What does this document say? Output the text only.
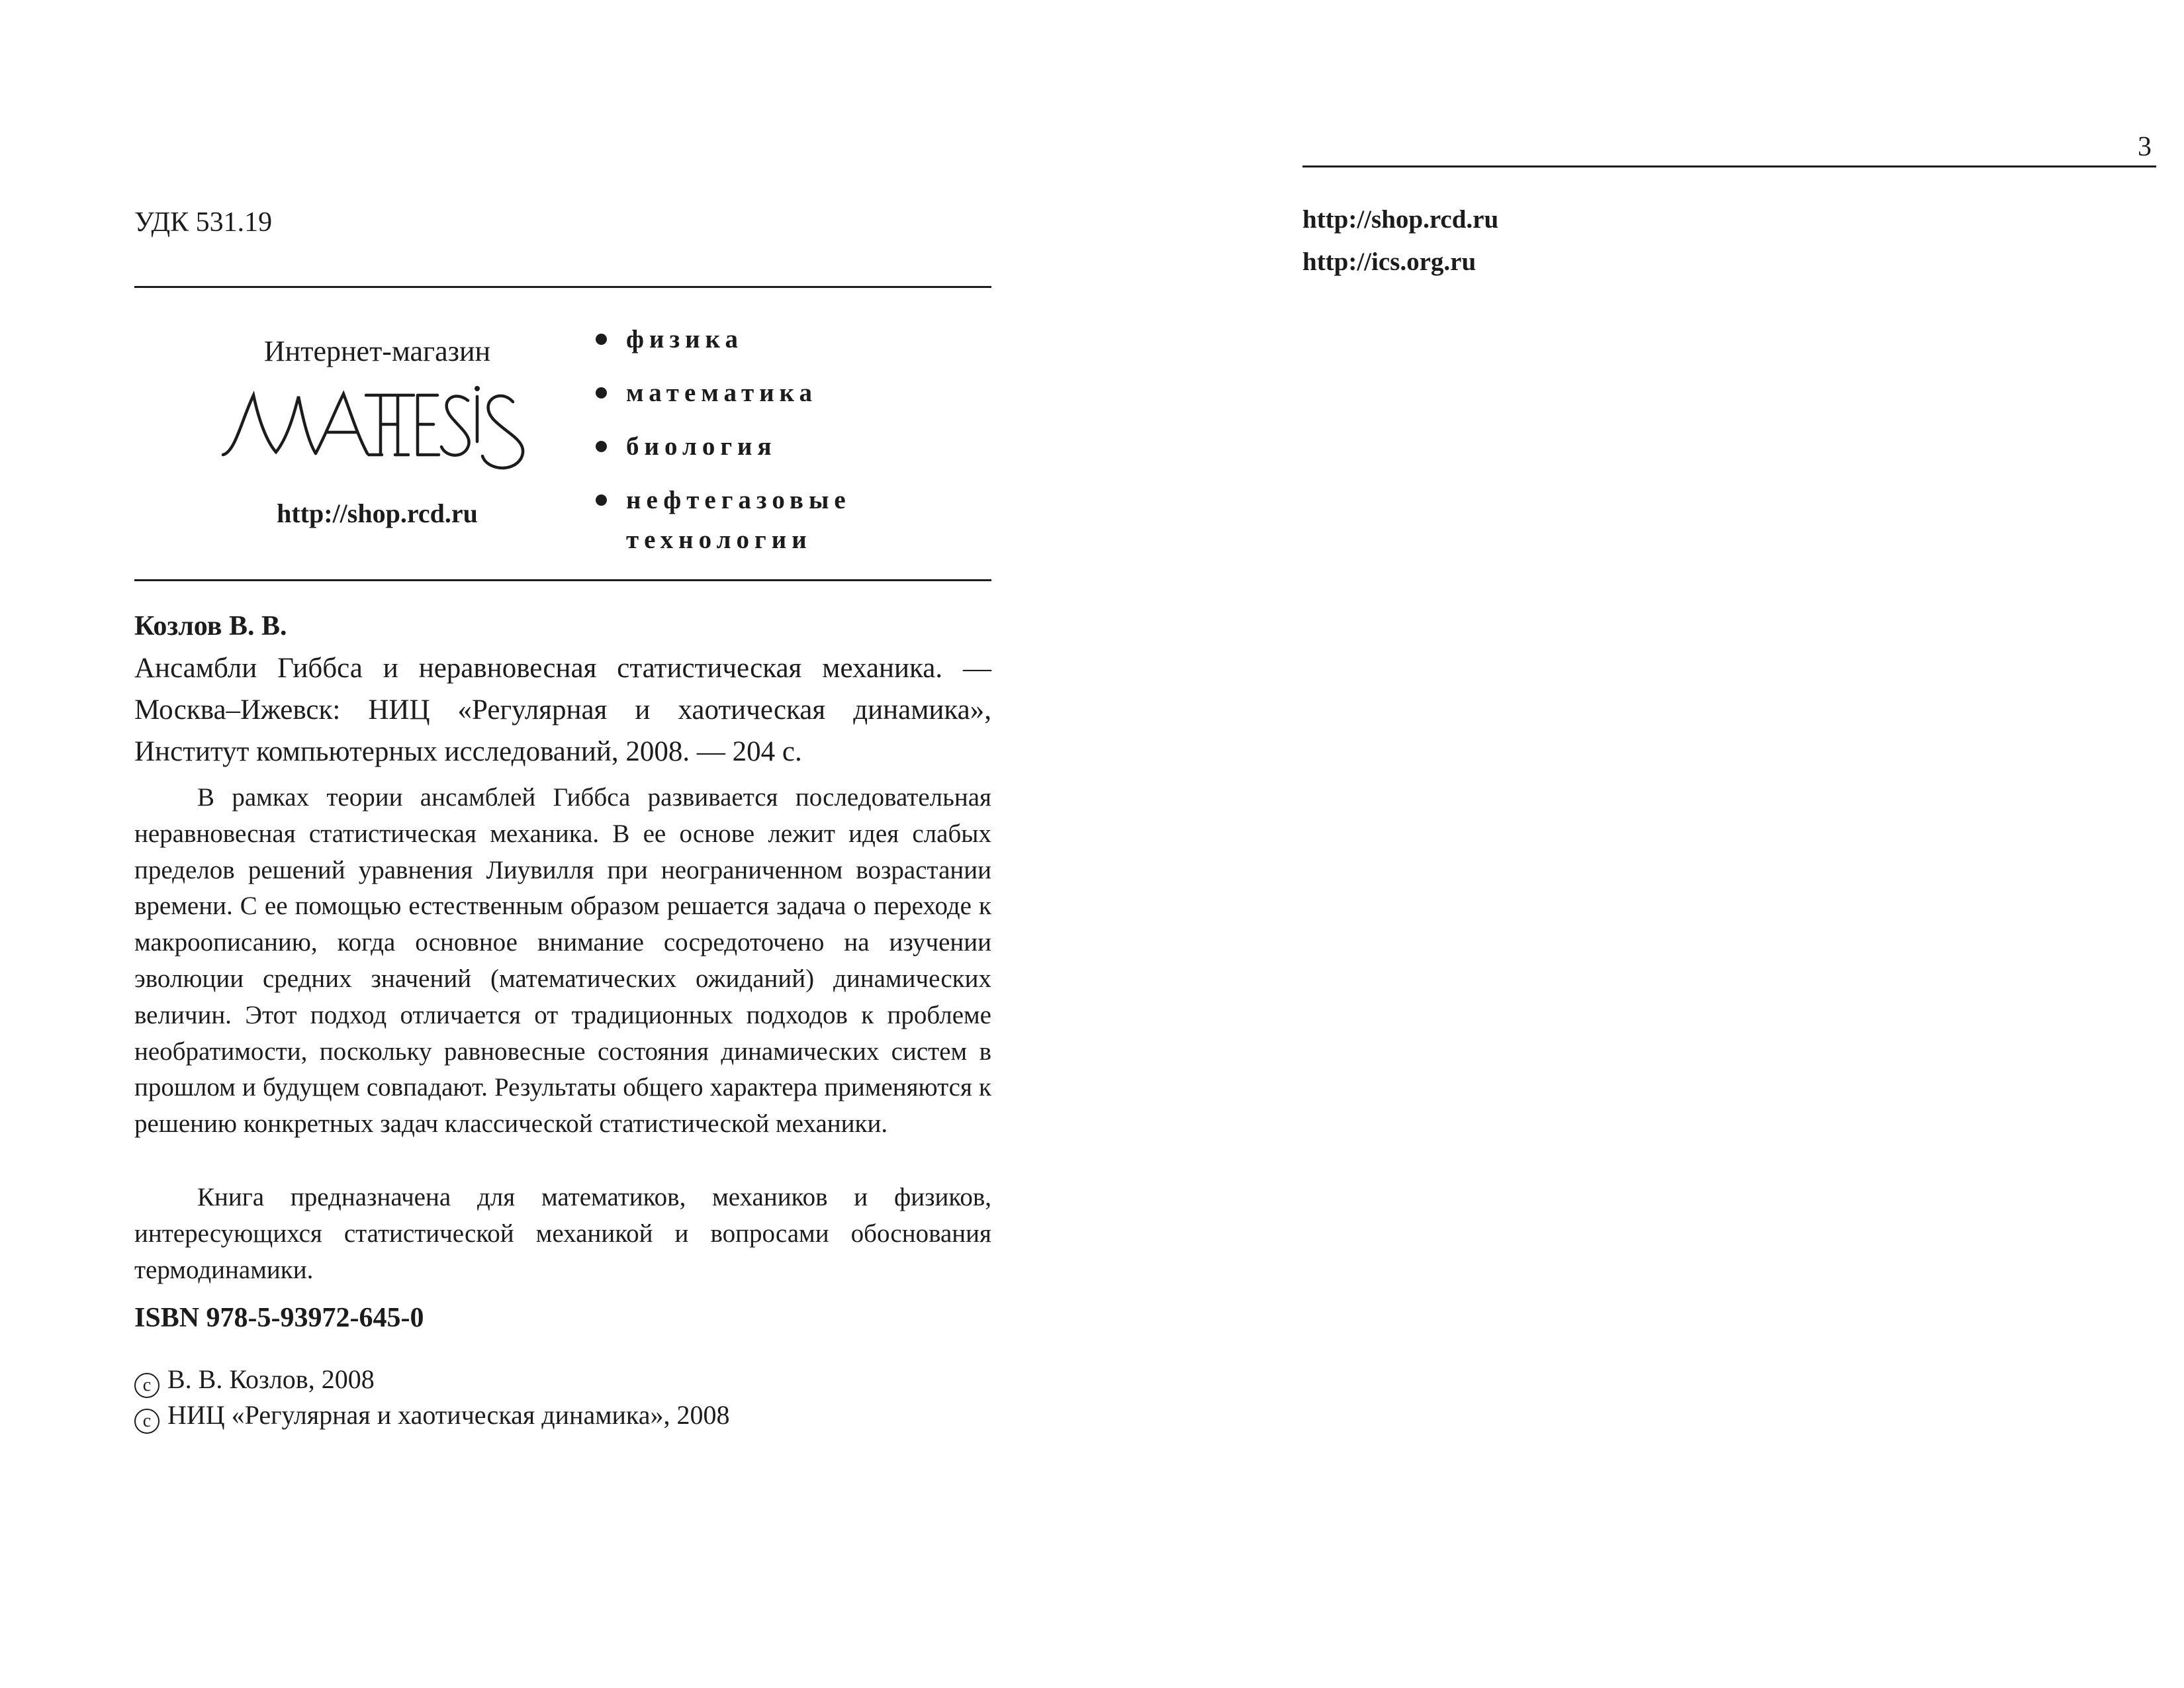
УДК 531.19
Интернет-магазин
http://shop.rcd.ru
физика
математика
биология
нефтегазовые
технологии
Козлов В. В.
Ансамбли Гиббса и неравновесная статистическая механика. — Москва–Ижевск: НИЦ «Регулярная и хаотическая динамика», Институт компьютерных исследований, 2008. — 204 с.

В рамках теории ансамблей Гиббса развивается последовательная неравновесная статистическая механика. В ее основе лежит идея слабых пределов решений уравнения Лиувилля при неограниченном возрастании времени. С ее помощью естественным образом решается задача о переходе к макроописанию, когда основное внимание сосредоточено на изучении эволюции средних значений (математических ожиданий) динамических величин. Этот подход отличается от традиционных подходов к проблеме необратимости, поскольку равновесные состояния динамических систем в прошлом и будущем совпадают. Результаты общего характера применяются к решению конкретных задач классической статистической механики.

Книга предназначена для математиков, механиков и физиков, интересующихся статистической механикой и вопросами обоснования термодинамики.

ISBN 978-5-93972-645-0
c В. В. Козлов, 2008
c НИЦ «Регулярная и хаотическая динамика», 2008
3
http://shop.rcd.ru
http://ics.org.ru
